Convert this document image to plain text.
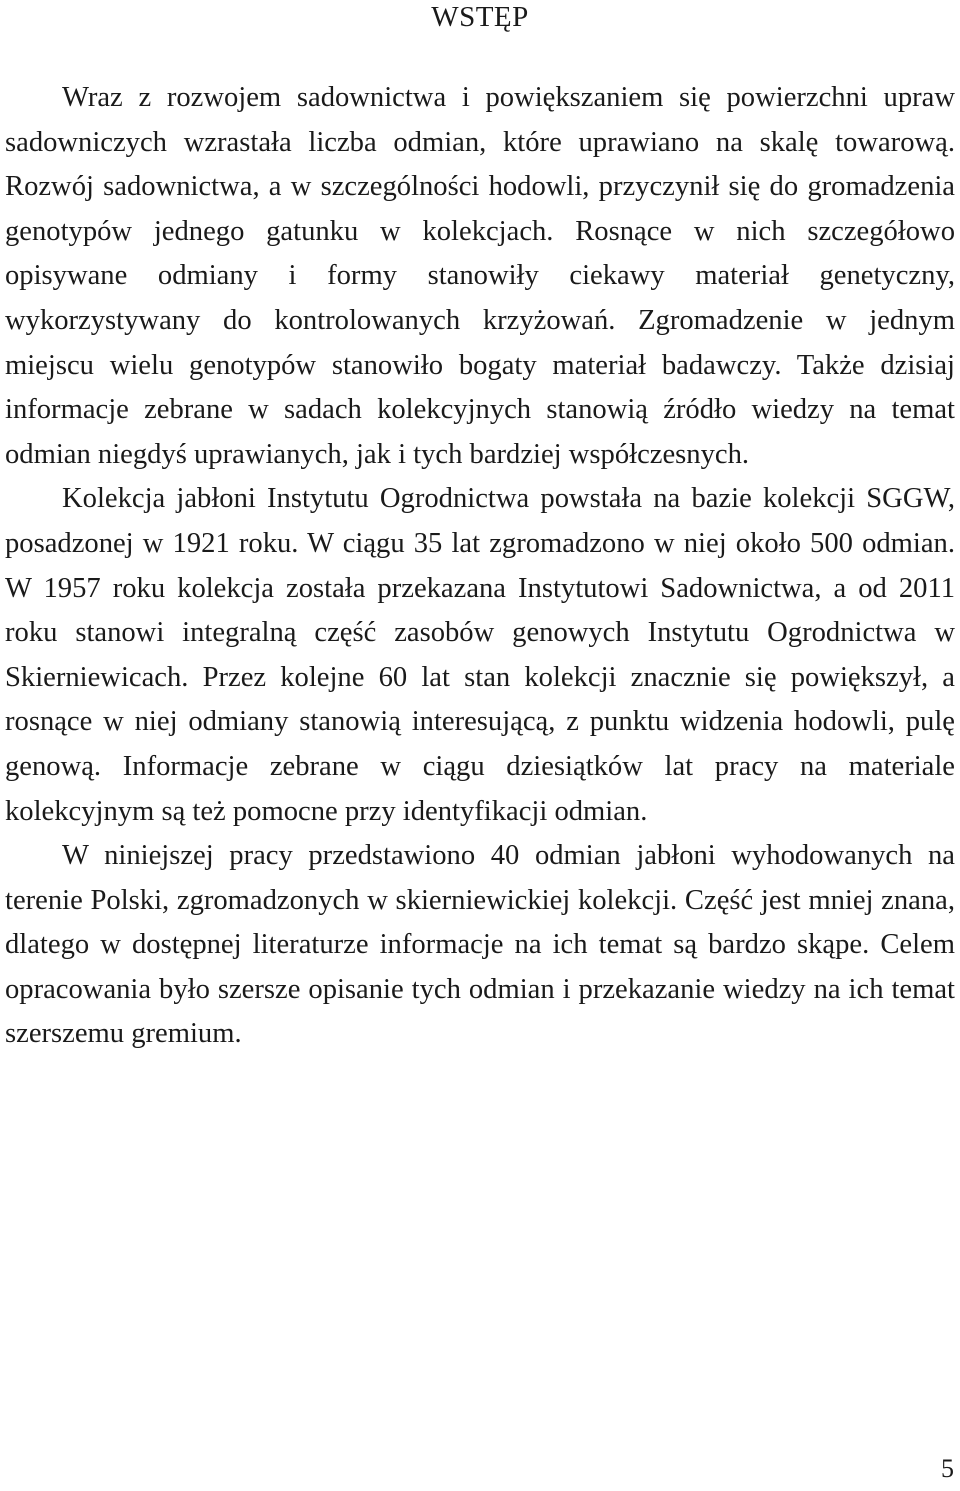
WSTĘP

Wraz z rozwojem sadownictwa i powiększaniem się powierzchni upraw sadowniczych wzrastała liczba odmian, które uprawiano na skalę towarową. Rozwój sadownictwa, a w szczególności hodowli, przyczynił się do gromadzenia genotypów jednego gatunku w kolekcjach. Rosnące w nich szczegółowo opisywane odmiany i formy stanowiły ciekawy materiał genetyczny, wykorzystywany do kontrolowanych krzyżowań. Zgromadzenie w jednym miejscu wielu genotypów stanowiło bogaty materiał badawczy. Także dzisiaj informacje zebrane w sadach kolekcyjnych stanowią źródło wiedzy na temat odmian niegdyś uprawianych, jak i tych bardziej współczesnych.

Kolekcja jabłoni Instytutu Ogrodnictwa powstała na bazie kolekcji SGGW, posadzonej w 1921 roku. W ciągu 35 lat zgromadzono w niej około 500 odmian. W 1957 roku kolekcja została przekazana Instytutowi Sadownictwa, a od 2011 roku stanowi integralną część zasobów genowych Instytutu Ogrodnictwa w Skierniewicach. Przez kolejne 60 lat stan kolekcji znacznie się powiększył, a rosnące w niej odmiany stanowią interesującą, z punktu widzenia hodowli, pulę genową. Informacje zebrane w ciągu dziesiątków lat pracy na materiale kolekcyjnym są też pomocne przy identyfikacji odmian.

W niniejszej pracy przedstawiono 40 odmian jabłoni wyhodowanych na terenie Polski, zgromadzonych w skierniewickiej kolekcji. Część jest mniej znana, dlatego w dostępnej literaturze informacje na ich temat są bardzo skąpe. Celem opracowania było szersze opisanie tych odmian i przekazanie wiedzy na ich temat szerszemu gremium.

5
